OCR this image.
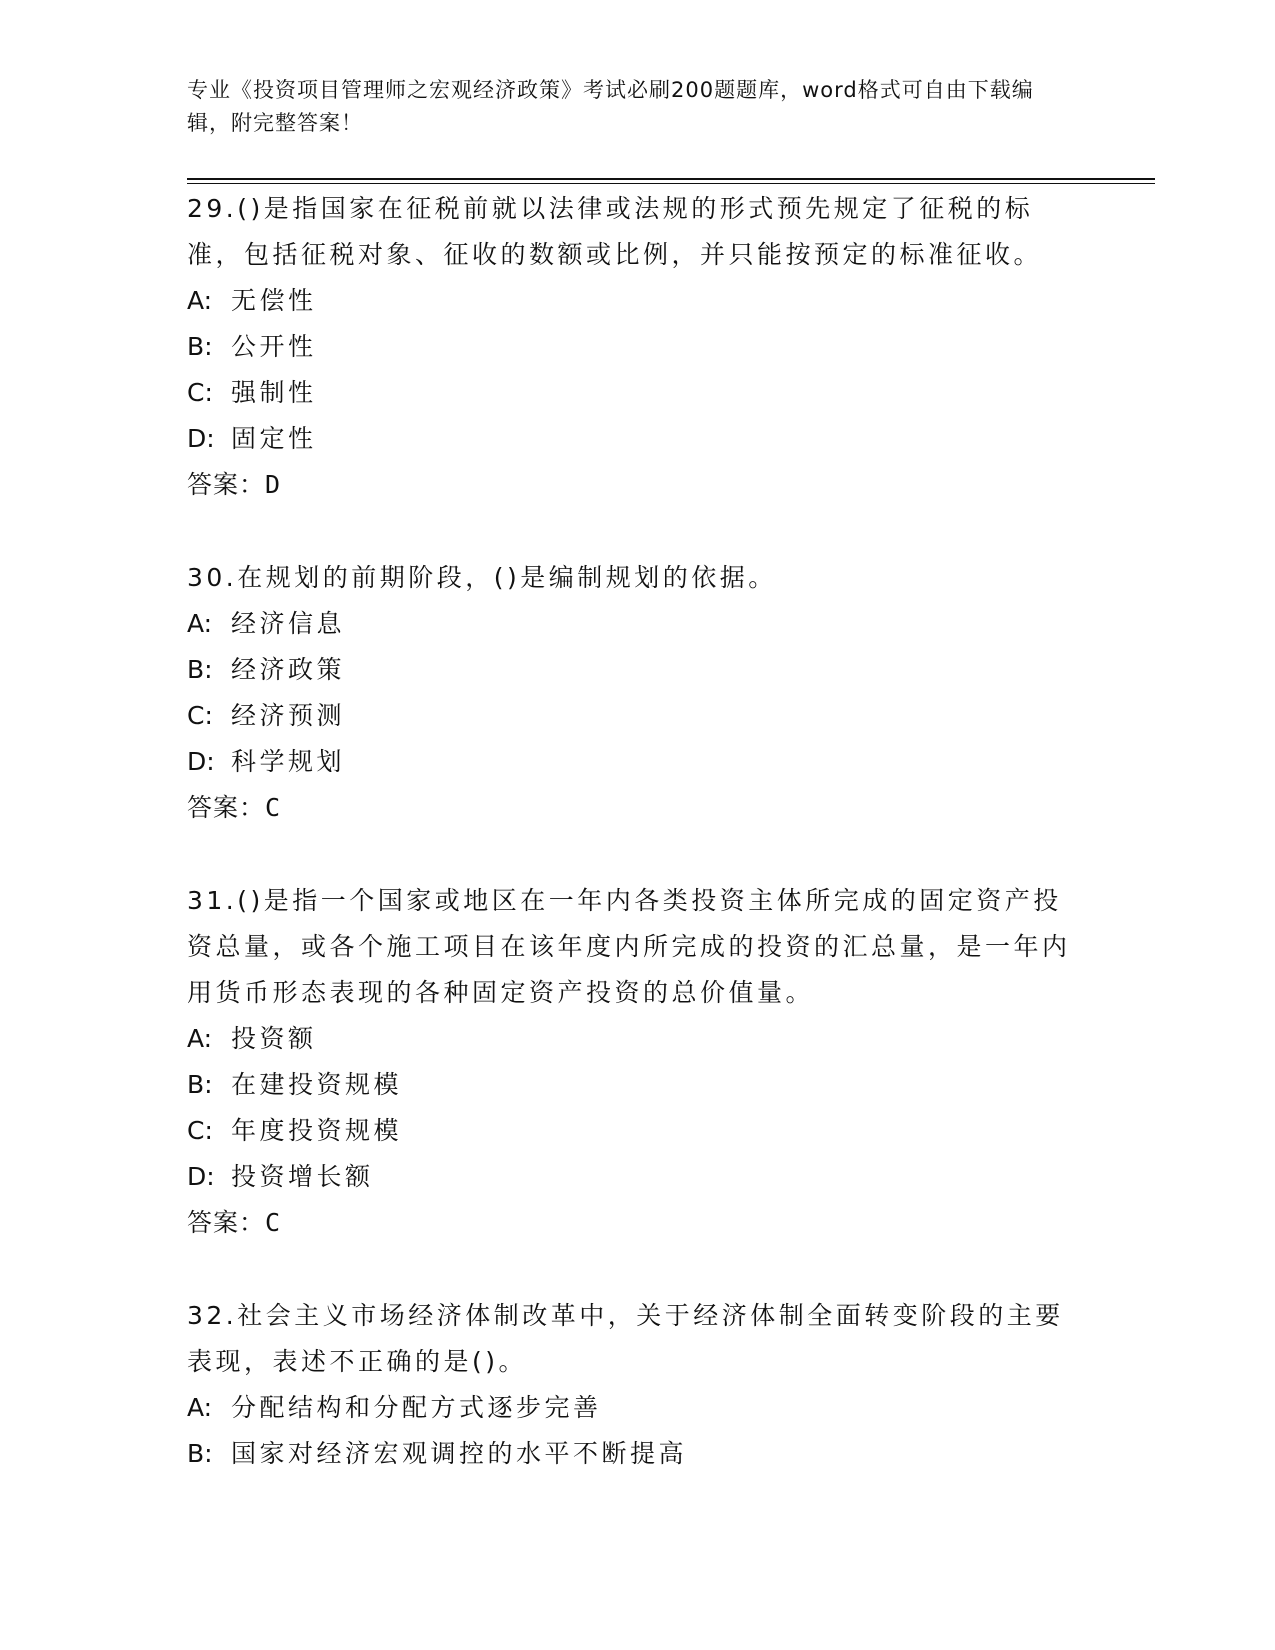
专业《投资项目管理师之宏观经济政策》考试必刷200题题库，word格式可自由下载编辑，附完整答案！
29.()是指国家在征税前就以法律或法规的形式预先规定了征税的标准，包括征税对象、征收的数额或比例，并只能按预定的标准征收。
A: 无偿性
B: 公开性
C: 强制性
D: 固定性
答案：D
30.在规划的前期阶段，()是编制规划的依据。
A: 经济信息
B: 经济政策
C: 经济预测
D: 科学规划
答案：C
31.()是指一个国家或地区在一年内各类投资主体所完成的固定资产投资总量，或各个施工项目在该年度内所完成的投资的汇总量，是一年内用货币形态表现的各种固定资产投资的总价值量。
A: 投资额
B: 在建投资规模
C: 年度投资规模
D: 投资增长额
答案：C
32.社会主义市场经济体制改革中，关于经济体制全面转变阶段的主要表现，表述不正确的是()。
A: 分配结构和分配方式逐步完善
B: 国家对经济宏观调控的水平不断提高
